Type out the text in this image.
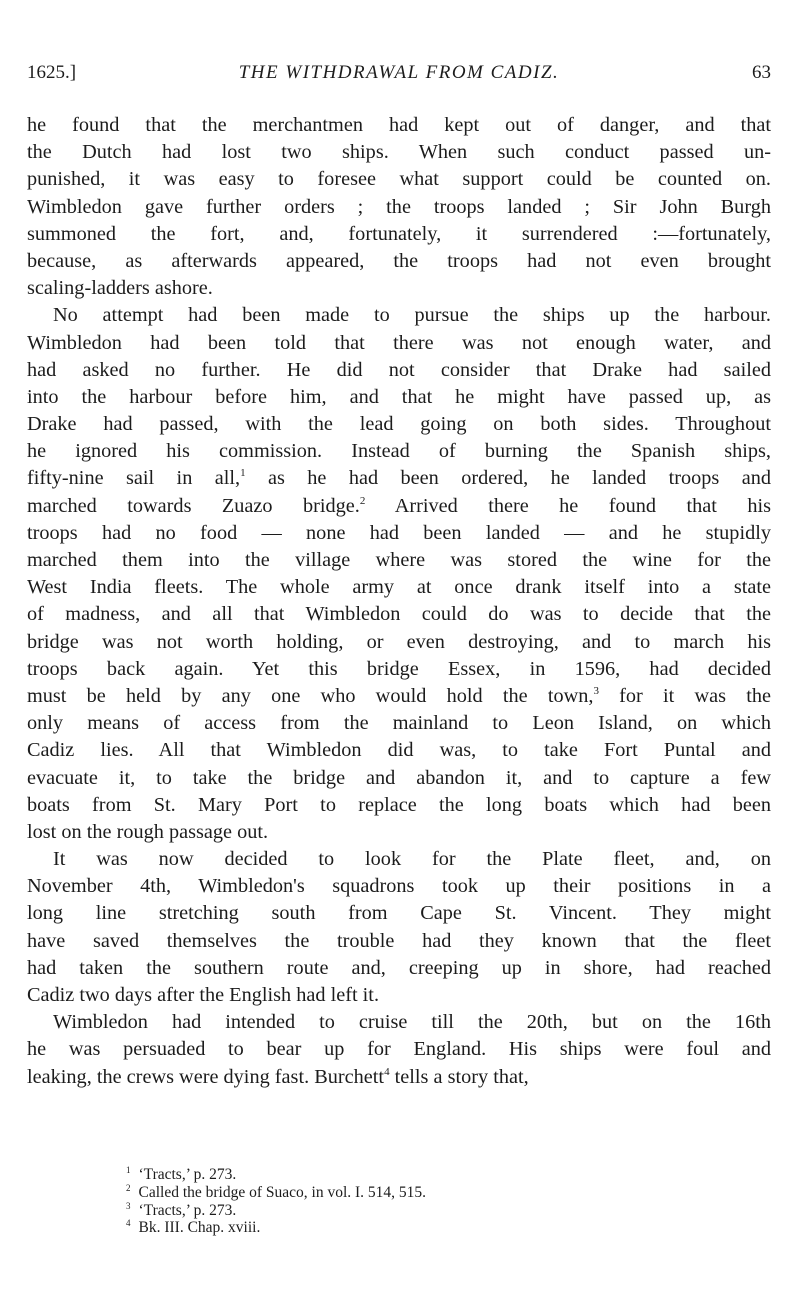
1625.]	THE WITHDRAWAL FROM CADIZ.	63
he found that the merchantmen had kept out of danger, and that
the Dutch had lost two ships. When such conduct passed un-
punished, it was easy to foresee what support could be counted on.
Wimbledon gave further orders ; the troops landed ; Sir John Burgh
summoned the fort, and, fortunately, it surrendered :—fortunately,
because, as afterwards appeared, the troops had not even brought
scaling-ladders ashore.
No attempt had been made to pursue the ships up the harbour.
Wimbledon had been told that there was not enough water, and
had asked no further. He did not consider that Drake had sailed
into the harbour before him, and that he might have passed up, as
Drake had passed, with the lead going on both sides. Throughout
he ignored his commission. Instead of burning the Spanish ships,
fifty-nine sail in all,$^1$ as he had been ordered, he landed troops and
marched towards Zuazo bridge.$^2$ Arrived there he found that his
troops had no food — none had been landed — and he stupidly
marched them into the village where was stored the wine for the
West India fleets. The whole army at once drank itself into a state
of madness, and all that Wimbledon could do was to decide that the
bridge was not worth holding, or even destroying, and to march his
troops back again. Yet this bridge Essex, in 1596, had decided
must be held by any one who would hold the town,$^3$ for it was the
only means of access from the mainland to Leon Island, on which
Cadiz lies. All that Wimbledon did was, to take Fort Puntal and
evacuate it, to take the bridge and abandon it, and to capture a few
boats from St. Mary Port to replace the long boats which had been
lost on the rough passage out.
It was now decided to look for the Plate fleet, and, on
November 4th, Wimbledon's squadrons took up their positions in a
long line stretching south from Cape St. Vincent. They might
have saved themselves the trouble had they known that the fleet
had taken the southern route and, creeping up in shore, had reached
Cadiz two days after the English had left it.
Wimbledon had intended to cruise till the 20th, but on the 16th
he was persuaded to bear up for England. His ships were foul and
leaking, the crews were dying fast. Burchett$^4$ tells a story that,
$^1$ ‘Tracts,’ p. 273.
$^2$ Called the bridge of Suaco, in vol. I. 514, 515.
$^3$ ‘Tracts,’ p. 273.
$^4$ Bk. III. Chap. xviii.
